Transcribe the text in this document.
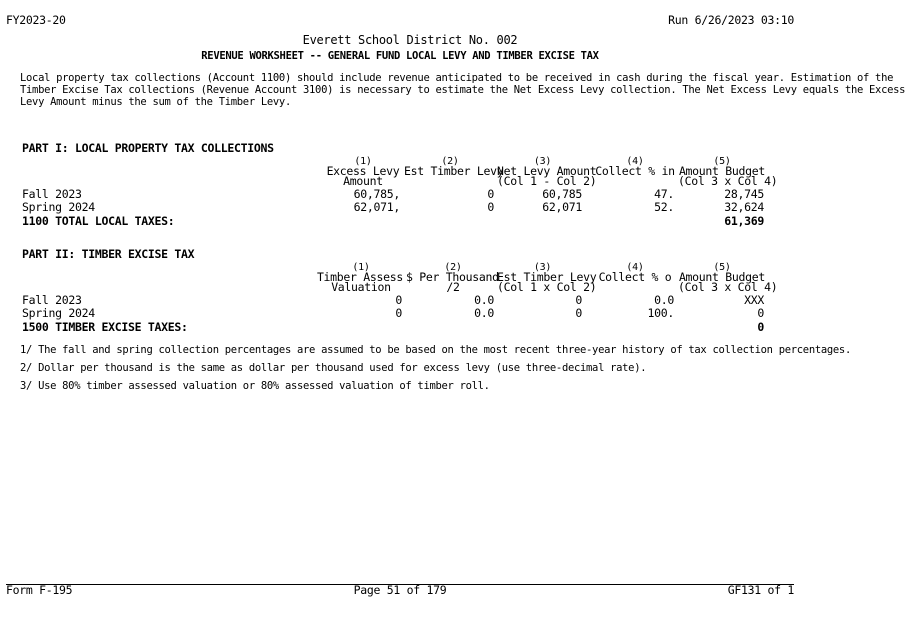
FY2023-20	Run 6/26/2023 03:10
Everett School District No. 002
REVENUE WORKSHEET -- GENERAL FUND LOCAL LEVY AND TIMBER EXCISE TAX
Local property tax collections (Account 1100) should include revenue anticipated to be received in cash during the fiscal year. Estimation of the
Timber Excise Tax collections (Revenue Account 3100) is necessary to estimate the Net Excess Levy collection. The Net Excess Levy equals the Excess
Levy Amount minus the sum of the Timber Levy.
PART I: LOCAL PROPERTY TAX COLLECTIONS
(1)
Excess Levy
Amount
(2)
Est Timber Levy
(3)
Net Levy Amount
(Col 1 - Col 2)
(4)
Collect % in
(5)
Amount Budget
(Col 3 x Col 4)
Fall 2023	60,785,	0	60,785	47.	28,745
Spring 2024	62,071,	0	62,071	52.	32,624
1100 TOTAL LOCAL TAXES:	61,369
PART II: TIMBER EXCISE TAX
(1)
Timber Assess
Valuation
(2)
$ Per Thousand
/2
(3)
Est Timber Levy
(Col 1 x Col 2)
(4)
Collect % o
(5)
Amount Budget
(Col 3 x Col 4)
Fall 2023	0	0.0	0	0.0	XXX
Spring 2024	0	0.0	0	100.	0
1500 TIMBER EXCISE TAXES:	0
1/ The fall and spring collection percentages are assumed to be based on the most recent three-year history of tax collection percentages.
2/ Dollar per thousand is the same as dollar per thousand used for excess levy (use three-decimal rate).
3/ Use 80% timber assessed valuation or 80% assessed valuation of timber roll.
Form F-195	Page 51 of 179	GF131 of 1
